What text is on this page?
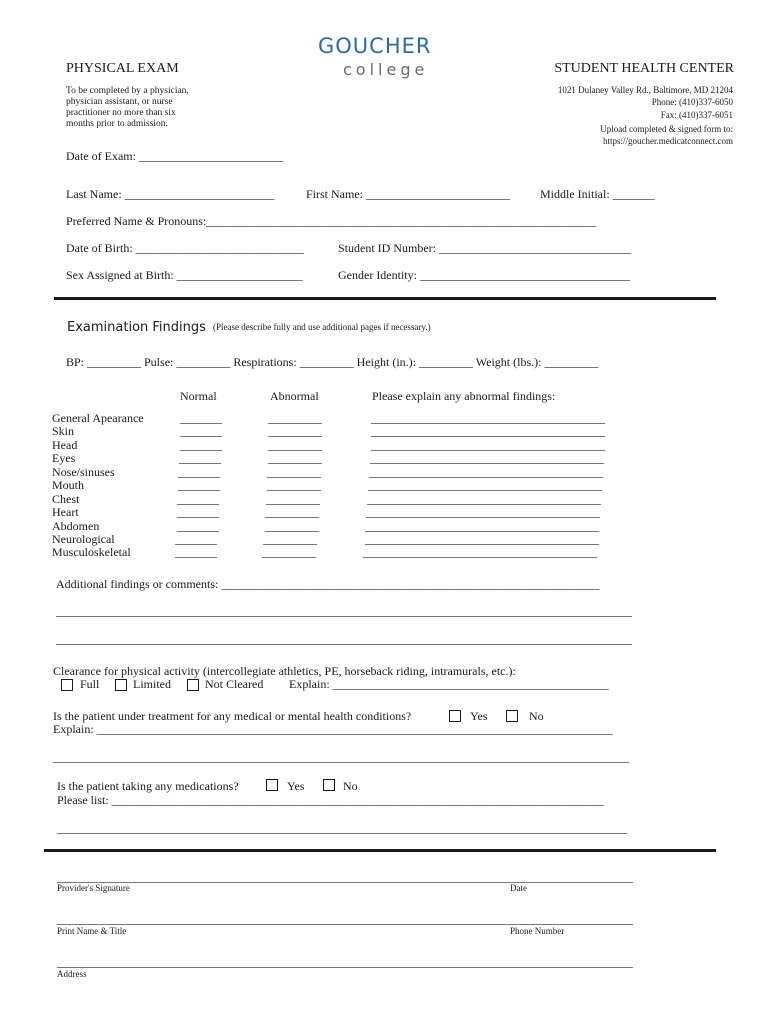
GOUCHER
college
PHYSICAL EXAM
To be completed by a physician,
physician assistant, or nurse
practitioner no more than six
months prior to admission.
STUDENT HEALTH CENTER
1021 Dulaney Valley Rd., Baltimore, MD 21204
Phone: (410)337-6050
Fax: (410)337-6051
Upload completed & signed form to:
https://goucher.medicatconnect.com
Date of Exam: ________________________
Last Name: _________________________	First Name: ________________________	Middle Initial: _______
Preferred Name & Pronouns:_________________________________________________________________
Date of Birth: ____________________________	Student ID Number: ________________________________
Sex Assigned at Birth: _____________________	Gender Identity: ___________________________________
Examination Findings (Please describe fully and use additional pages if necessary.)
BP: _________ Pulse: _________ Respirations: _________ Height (in.): _________ Weight (lbs.): _________
Normal	Abnormal	Please explain any abnormal findings:
General Apearance	_______	_________	_______________________________________
Skin	_______	_________	_______________________________________
Head	_______	_________	_______________________________________
Eyes	_______	_________	_______________________________________
Nose/sinuses	_______	_________	_______________________________________
Mouth	_______	_________	_______________________________________
Chest	_______	_________	_______________________________________
Heart	_______	_________	_______________________________________
Abdomen	_______	_________	_______________________________________
Neurological	_______	_________	_______________________________________
Musculoskeletal	_______	_________	_______________________________________
Additional findings or comments: _______________________________________________________________
________________________________________________________________________________________________
________________________________________________________________________________________________
Clearance for physical activity (intercollegiate athletics, PE, horseback riding, intramurals, etc.):
Full	Limited	Not Cleared Explain: ______________________________________________
Is the patient under treatment for any medical or mental health conditions?	Yes	No
Explain: ______________________________________________________________________________________
________________________________________________________________________________________________
Is the patient taking any medications?	Yes	No
Please list: __________________________________________________________________________________
_______________________________________________________________________________________________
________________________________________________________________________________________________
Provider's Signature	Date
________________________________________________________________________________________________
Print Name & Title	Phone Number
________________________________________________________________________________________________
Address
